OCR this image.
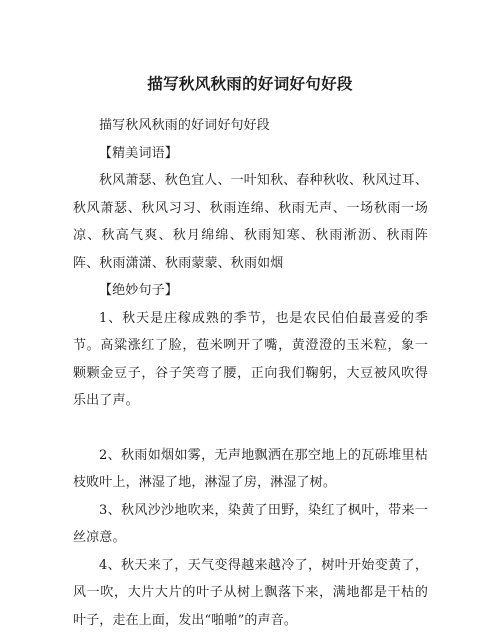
描写秋风秋雨的好词好句好段

描写秋风秋雨的好词好句好段

【精美词语】

秋风萧瑟、秋色宜人、一叶知秋、春种秋收、秋风过耳、秋风萧瑟、秋风习习、秋雨连绵、秋雨无声、一场秋雨一场凉、秋高气爽、秋月绵绵、秋雨知寒、秋雨淅沥、秋雨阵阵、秋雨潇潇、秋雨蒙蒙、秋雨如烟

【绝妙句子】

1、秋天是庄稼成熟的季节，也是农民伯伯最喜爱的季节。高粱涨红了脸，苞米咧开了嘴，黄澄澄的玉米粒，象一颗颗金豆子，谷子笑弯了腰，正向我们鞠躬，大豆被风吹得乐出了声。

2、秋雨如烟如雾，无声地飘洒在那空地上的瓦砾堆里枯枝败叶上，淋湿了地，淋湿了房，淋湿了树。

3、秋风沙沙地吹来，染黄了田野，染红了枫叶，带来一丝凉意。

4、秋天来了，天气变得越来越冷了，树叶开始变黄了，风一吹，大片大片的叶子从树上飘落下来，满地都是干枯的叶子，走在上面，发出“啪啪”的声音。
